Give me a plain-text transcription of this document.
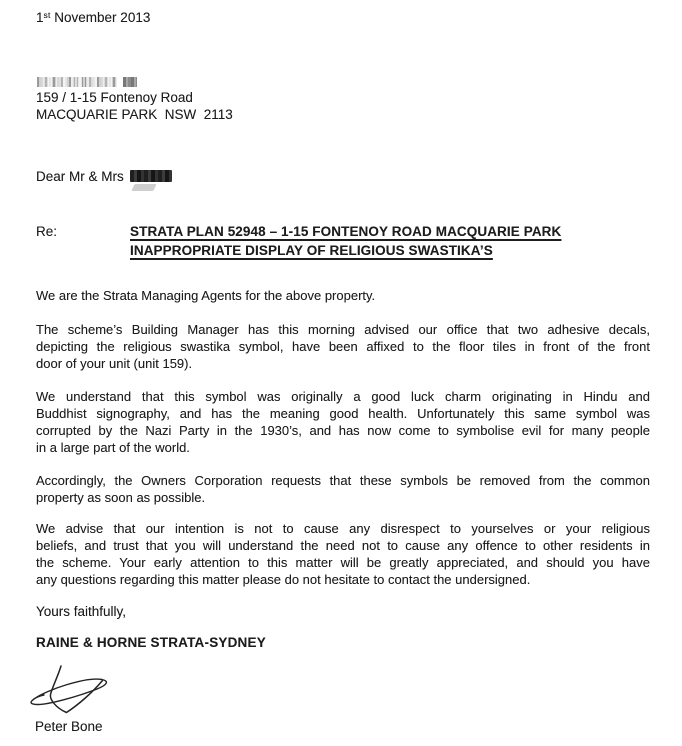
1st November 2013
159 / 1-15 Fontenoy Road
MACQUARIE PARK  NSW  2113
Dear Mr & Mrs
Re:	STRATA PLAN 52948 – 1-15 FONTENOY ROAD MACQUARIE PARK
INAPPROPRIATE DISPLAY OF RELIGIOUS SWASTIKA’S
We are the Strata Managing Agents for the above property.
The scheme’s Building Manager has this morning advised our office that two adhesive decals,
depicting the religious swastika symbol, have been affixed to the floor tiles in front of the front
door of your unit (unit 159).
We understand that this symbol was originally a good luck charm originating in Hindu and
Buddhist signography, and has the meaning good health. Unfortunately this same symbol was
corrupted by the Nazi Party in the 1930’s, and has now come to symbolise evil for many people
in a large part of the world.
Accordingly, the Owners Corporation requests that these symbols be removed from the common
property as soon as possible.
We advise that our intention is not to cause any disrespect to yourselves or your religious
beliefs, and trust that you will understand the need not to cause any offence to other residents in
the scheme. Your early attention to this matter will be greatly appreciated, and should you have
any questions regarding this matter please do not hesitate to contact the undersigned.
Yours faithfully,
RAINE & HORNE STRATA-SYDNEY
Peter Bone
